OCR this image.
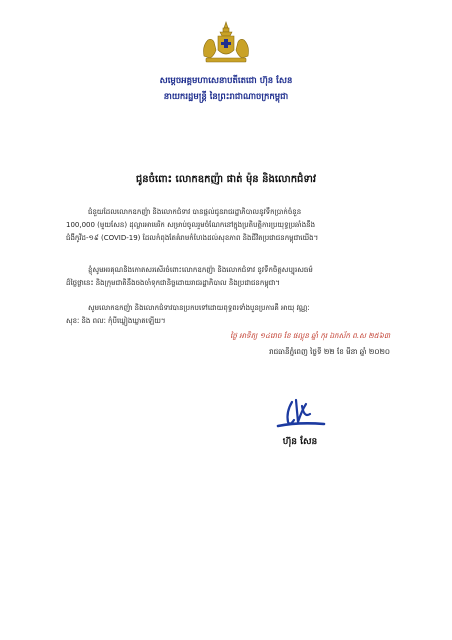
សម្តេចអគ្គមហាសេនាបតីតេជោ ហ៊ុន សែន
នាយករដ្ឋមន្ត្រី នៃព្រះរាជាណាចក្រកម្ពុជា
ជូនចំពោះ លោកឧកញ៉ា ផាត់ ម៉ុន និងលោកជំទាវ
ជំនួយដែលលោកឧកញ៉ា និងលោកជំទាវ បានផ្តល់ជូនរាជរដ្ឋាភិបាលនូវទឹកប្រាក់ចំនួន
100,000 (មួយសែន) ដុល្លារអាមេរិក សម្រាប់ចូលរួមចំណែកនៅក្នុងប្រតិបត្តិការប្រយុទ្ធប្រឆាំងនឹង
ជំងឺកូវីដ-១៩ (COVID-19) ដែលកំពុងតែគំរាមកំហែងដល់សុខភាព និងជីវិតប្រជាជនកម្ពុជាយើង។
ខ្ញុំសូមអរគុណនិងកោតសរសើរចំពោះលោកឧកញ៉ា និងលោកជំទាវ នូវទឹកចិត្តសប្បុរសធម៌
ដ៏ថ្លៃថ្លានេះ និងក្រុមជាតិនឹងចងចាំទុកជានិច្ចដោយរាជរដ្ឋាភិបាល និងប្រជាជនកម្ពុជា។
សូមលោកឧកញ៉ា និងលោកជំទាវបានប្រកបទៅដោយពុទ្ធពរទាំងបួនប្រការគឺ អាយុ វណ្ណៈ
សុខៈ និង ពលៈ កុំបីឃ្លៀងឃ្លាតឡើយ។
ថ្ងៃ អាទិត្យ ១៤រោច ខែ ផល្គុន ឆ្នាំ កុរ ឯកស័ក ព.ស ២៥៦៣
រាជធានីភ្នំពេញ ថ្ងៃទី ២២ ខែ មីនា ឆ្នាំ ២០២០
ហ៊ុន សែន
